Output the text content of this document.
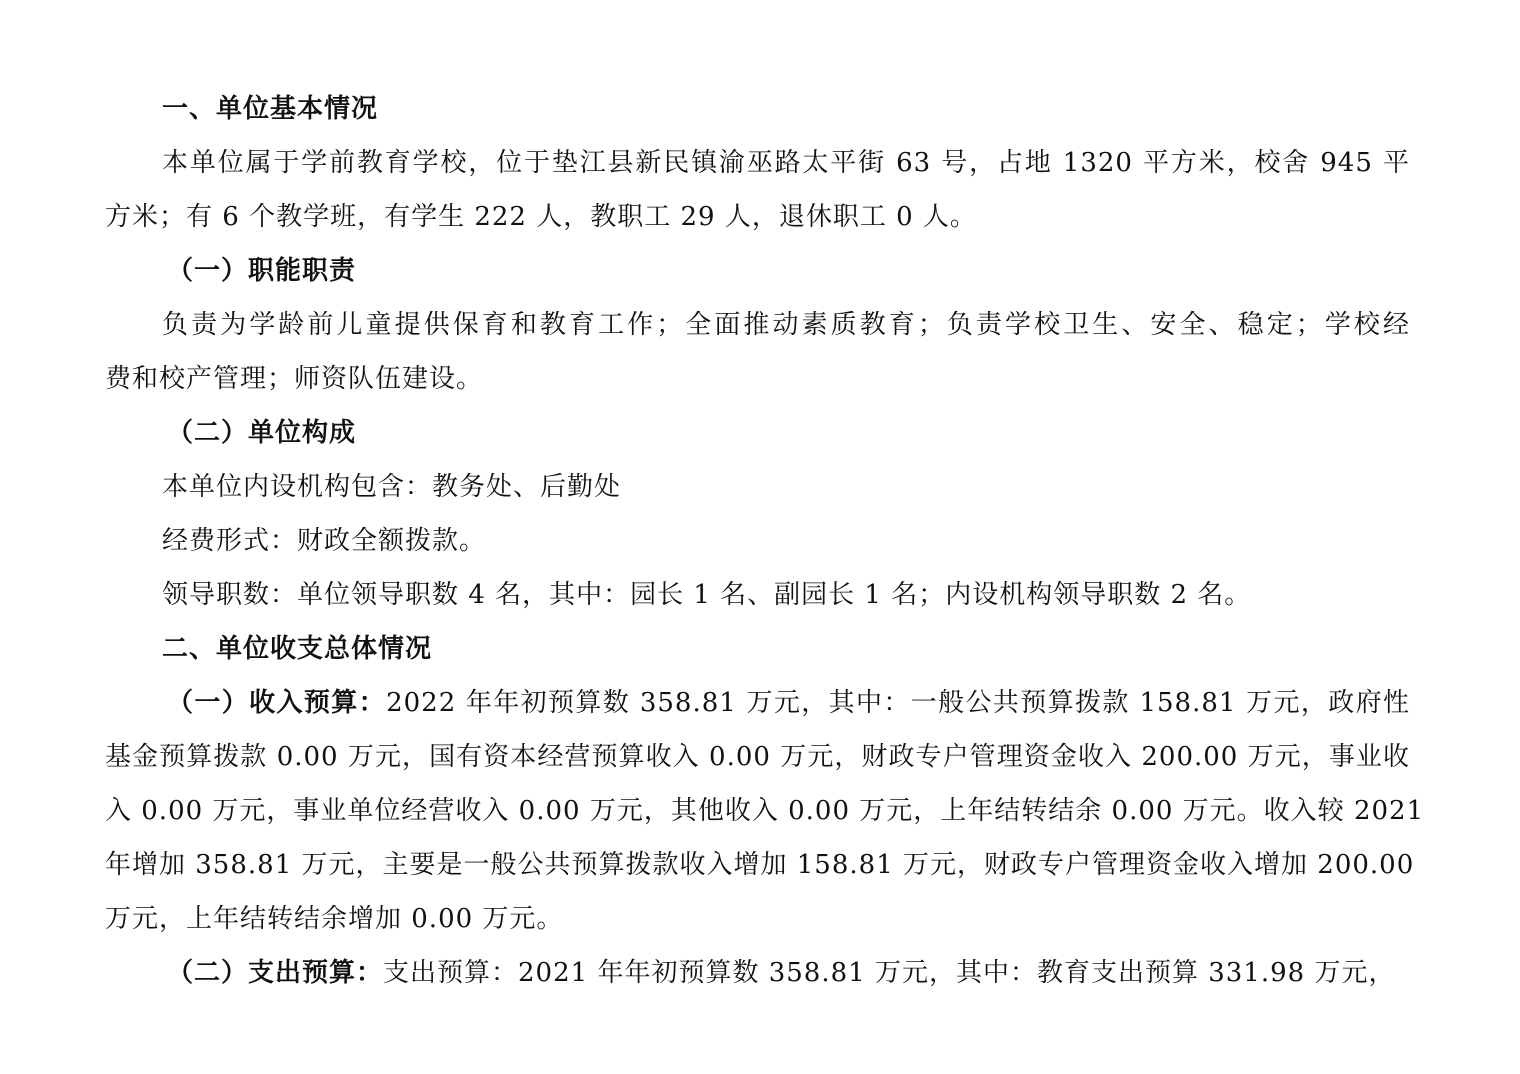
一、单位基本情况
本单位属于学前教育学校，位于垫江县新民镇渝巫路太平街 63 号，占地 1320 平方米，校舍 945 平
方米；有 6 个教学班，有学生 222 人，教职工 29 人，退休职工 0 人。
（一）职能职责
负责为学龄前儿童提供保育和教育工作；全面推动素质教育；负责学校卫生、安全、稳定；学校经
费和校产管理；师资队伍建设。
（二）单位构成
本单位内设机构包含：教务处、后勤处
经费形式：财政全额拨款。
领导职数：单位领导职数 4 名，其中：园长 1 名、副园长 1 名；内设机构领导职数 2 名。
二、单位收支总体情况
（一）收入预算：2022 年年初预算数 358.81 万元，其中：一般公共预算拨款 158.81 万元，政府性
基金预算拨款 0.00 万元，国有资本经营预算收入 0.00 万元，财政专户管理资金收入 200.00 万元，事业收
入 0.00 万元，事业单位经营收入 0.00 万元，其他收入 0.00 万元，上年结转结余 0.00 万元。收入较 2021
年增加 358.81 万元，主要是一般公共预算拨款收入增加 158.81 万元，财政专户管理资金收入增加 200.00
万元，上年结转结余增加 0.00 万元。
（二）支出预算：支出预算：2021 年年初预算数 358.81 万元，其中：教育支出预算 331.98 万元，
